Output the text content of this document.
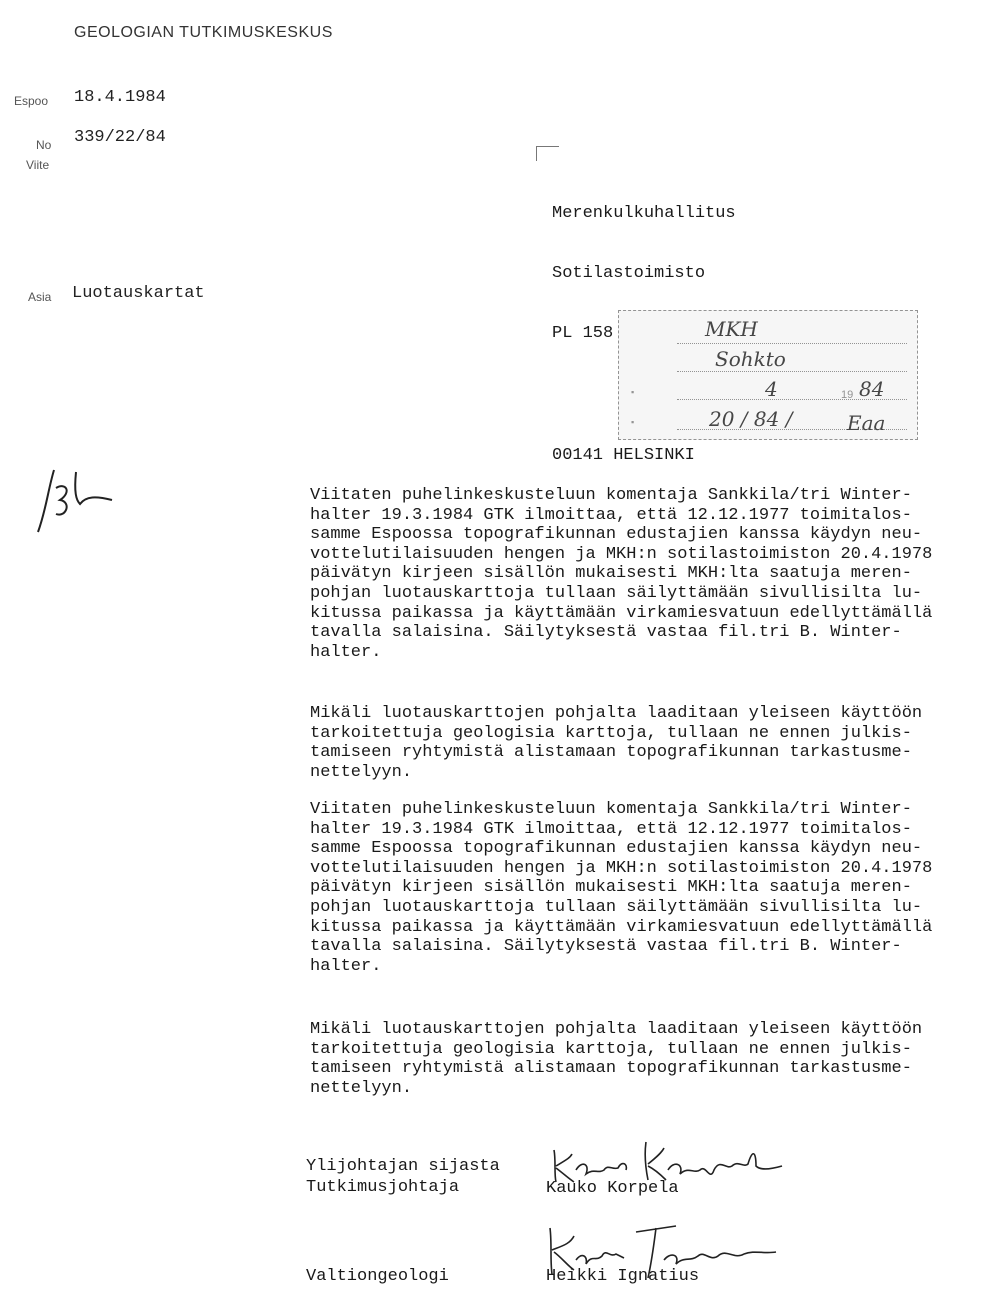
GEOLOGIAN TUTKIMUSKESKUS
Espoo 18.4.1984
No 339/22/84
Viite
Asia Luotauskartat

Merenkulkuhallitus

Sotilastoimisto

PL 158

00141 HELSINKI

▪
▪
MKH
Sohkto
4	19 84
20 / 84 /	Eaa
Viitaten puhelinkeskusteluun komentaja Sankkila/tri Winter-
halter 19.3.1984 GTK ilmoittaa, että 12.12.1977 toimitalos-
samme Espoossa topografikunnan edustajien kanssa käydyn neu-
vottelutilaisuuden hengen ja MKH:n sotilastoimiston 20.4.1978
päivätyn kirjeen sisällön mukaisesti MKH:lta saatuja meren-
pohjan luotauskarttoja tullaan säilyttämään sivullisilta lu-
kitussa paikassa ja käyttämään virkamiesvatuun edellyttämällä
tavalla salaisina. Säilytyksestä vastaa fil.tri B. Winter-
halter.
Mikäli luotauskarttojen pohjalta laaditaan yleiseen käyttöön
tarkoitettuja geologisia karttoja, tullaan ne ennen julkis-
tamiseen ryhtymistä alistamaan topografikunnan tarkastusme-
nettelyyn.
Viitaten puhelinkeskusteluun komentaja Sankkila/tri Winter-
halter 19.3.1984 GTK ilmoittaa, että 12.12.1977 toimitalos-
samme Espoossa topografikunnan edustajien kanssa käydyn neu-
vottelutilaisuuden hengen ja MKH:n sotilastoimiston 20.4.1978
päivätyn kirjeen sisällön mukaisesti MKH:lta saatuja meren-
pohjan luotauskarttoja tullaan säilyttämään sivullisilta lu-
kitussa paikassa ja käyttämään virkamiesvatuun edellyttämällä
tavalla salaisina. Säilytyksestä vastaa fil.tri B. Winter-
halter.
Mikäli luotauskarttojen pohjalta laaditaan yleiseen käyttöön
tarkoitettuja geologisia karttoja, tullaan ne ennen julkis-
tamiseen ryhtymistä alistamaan topografikunnan tarkastusme-
nettelyyn.
Ylijohtajan sijasta
Tutkimusjohtaja	Kauko Korpela
Valtiongeologi	Heikki Ignatius
